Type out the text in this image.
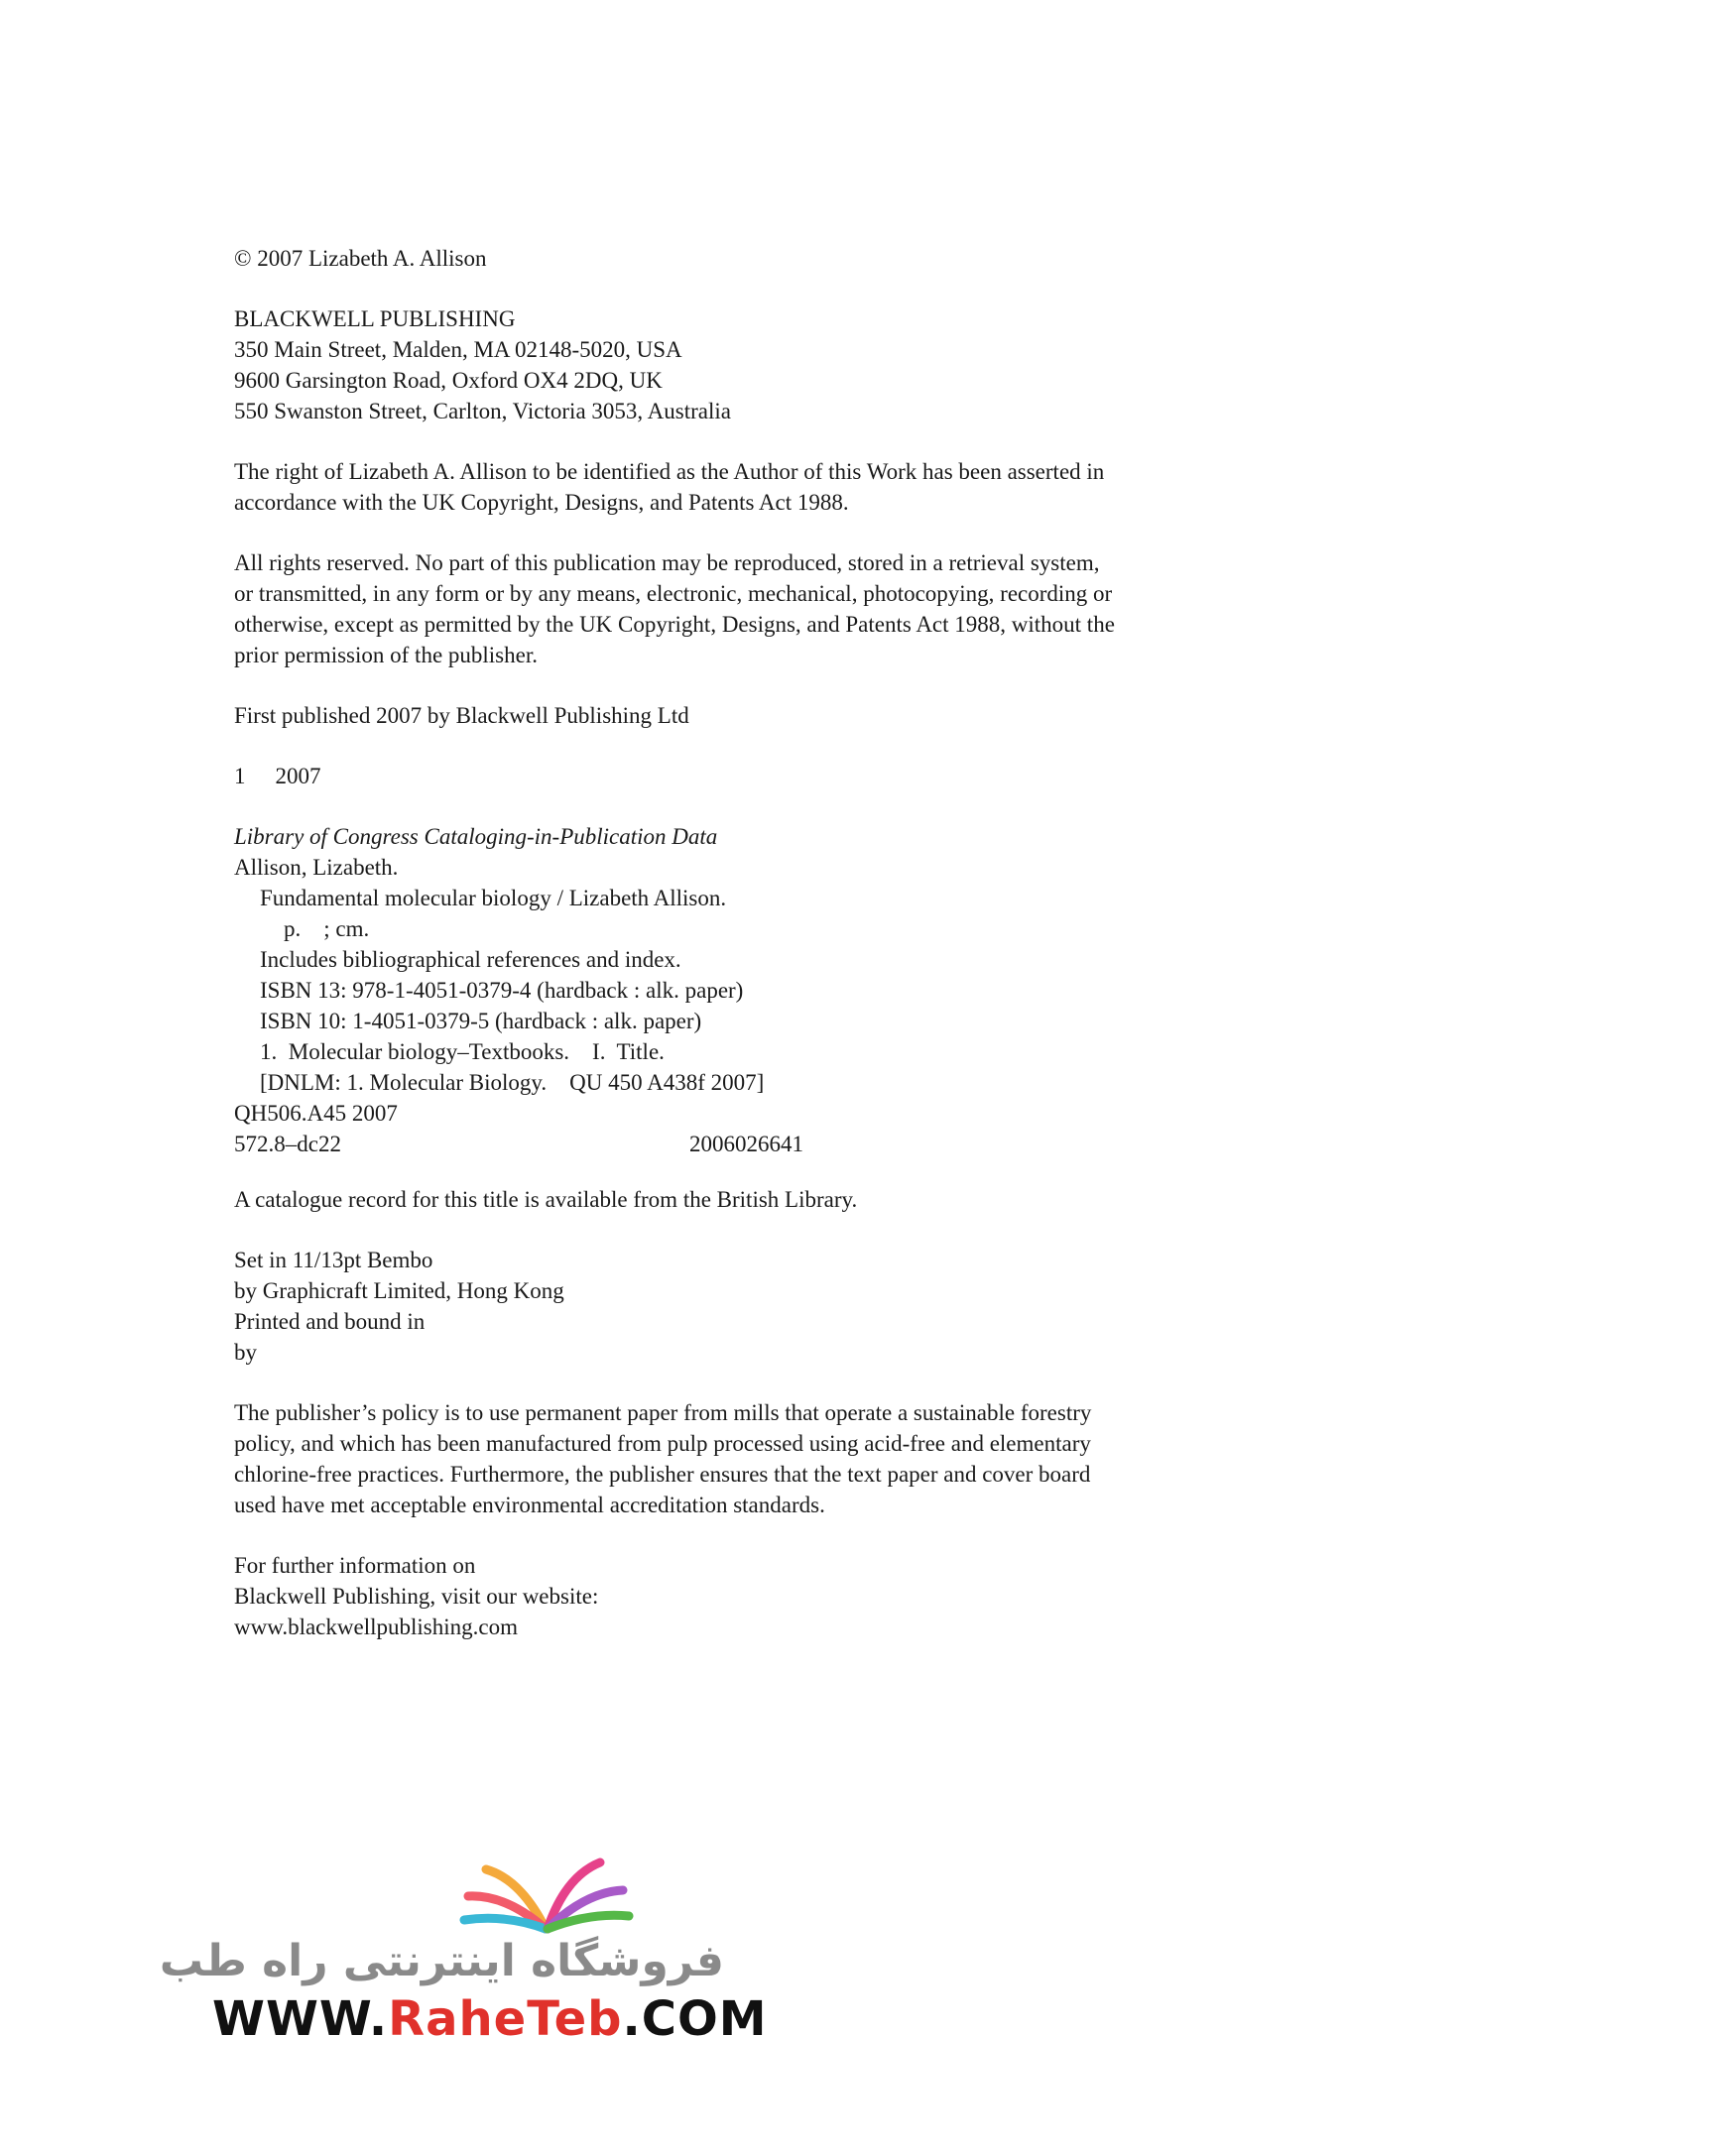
© 2007 Lizabeth A. Allison
BLACKWELL PUBLISHING
350 Main Street, Malden, MA 02148-5020, USA
9600 Garsington Road, Oxford OX4 2DQ, UK
550 Swanston Street, Carlton, Victoria 3053, Australia
The right of Lizabeth A. Allison to be identified as the Author of this Work has been asserted in
accordance with the UK Copyright, Designs, and Patents Act 1988.
All rights reserved. No part of this publication may be reproduced, stored in a retrieval system,
or transmitted, in any form or by any means, electronic, mechanical, photocopying, recording or
otherwise, except as permitted by the UK Copyright, Designs, and Patents Act 1988, without the
prior permission of the publisher.
First published 2007 by Blackwell Publishing Ltd
1 2007
Library of Congress Cataloging-in-Publication Data
Allison, Lizabeth.
Fundamental molecular biology / Lizabeth Allison.
p.    ; cm.
Includes bibliographical references and index.
ISBN 13: 978-1-4051-0379-4 (hardback : alk. paper)
ISBN 10: 1-4051-0379-5 (hardback : alk. paper)
1.  Molecular biology–Textbooks.    I.  Title.
[DNLM: 1. Molecular Biology.    QU 450 A438f 2007]
QH506.A45 2007
572.8–dc22	2006026641
A catalogue record for this title is available from the British Library.
Set in 11/13pt Bembo
by Graphicraft Limited, Hong Kong
Printed and bound in
by
The publisher’s policy is to use permanent paper from mills that operate a sustainable forestry
policy, and which has been manufactured from pulp processed using acid-free and elementary
chlorine-free practices. Furthermore, the publisher ensures that the text paper and cover board
used have met acceptable environmental accreditation standards.
For further information on
Blackwell Publishing, visit our website:
www.blackwellpublishing.com
فروشگاه اینترنتی راه طب
WWW.RaheTeb.COM
